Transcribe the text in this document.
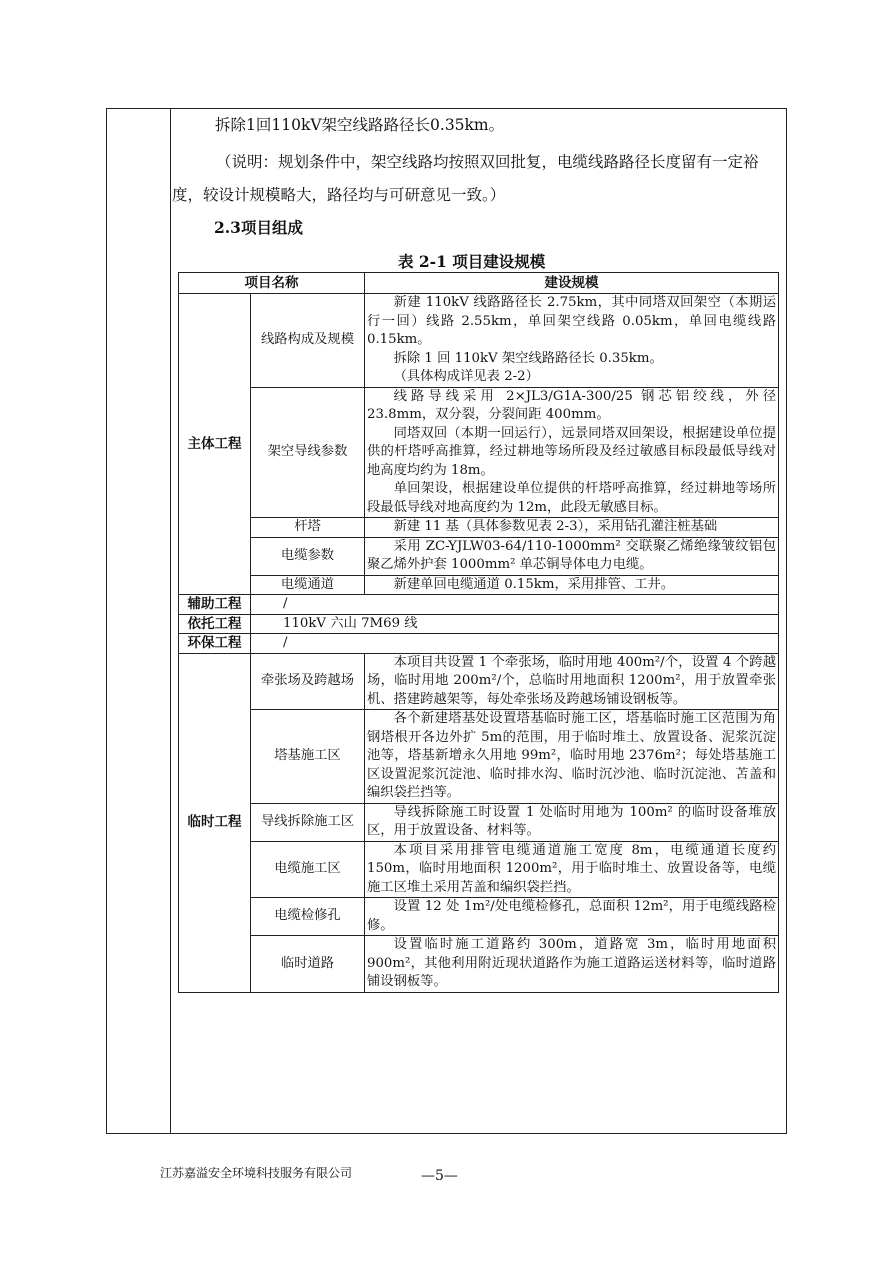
拆除1回110kV架空线路路径长0.35km。
（说明：规划条件中，架空线路均按照双回批复，电缆线路路径长度留有一定裕度，较设计规模略大，路径均与可研意见一致。）
2.3项目组成
表 2-1 项目建设规模
项目名称		建设规模
主体工程	线路构成及规模	新建 110kV 线路路径长 2.75km，其中同塔双回架空（本期运行一回）线路 2.55km，单回架空线路 0.05km，单回电缆线路 0.15km。
拆除 1 回 110kV 架空线路路径长 0.35km。
（具体构成详见表 2-2）

	架空导线参数	线路导线采用 2×JL3/G1A-300/25 钢芯铝绞线，外径 23.8mm，双分裂，分裂间距 400mm。
同塔双回（本期一回运行），远景同塔双回架设，根据建设单位提供的杆塔呼高推算，经过耕地等场所段及经过敏感目标段最低导线对地高度均约为 18m。
单回架设，根据建设单位提供的杆塔呼高推算，经过耕地等场所段最低导线对地高度约为 12m，此段无敏感目标。

	杆塔	新建 11 基（具体参数见表 2-3），采用钻孔灌注桩基础

	电缆参数	采用 ZC-YJLW03-64/110-1000mm² 交联聚乙烯绝缘皱纹铝包聚乙烯外护套 1000mm² 单芯铜导体电力电缆。

	电缆通道	新建单回电缆通道 0.15km，采用排管、工井。

辅助工程	/	
依托工程	110kV 六山 7M69 线	
环保工程	/	
临时工程	牵张场及跨越场	本项目共设置 1 个牵张场，临时用地 400m²/个，设置 4 个跨越场，临时用地 200m²/个，总临时用地面积 1200m²，用于放置牵张机、搭建跨越架等，每处牵张场及跨越场铺设钢板等。

	塔基施工区	各个新建塔基处设置塔基临时施工区，塔基临时施工区范围为角钢塔根开各边外扩 5m的范围，用于临时堆土、放置设备、泥浆沉淀池等，塔基新增永久用地 99m²，临时用地 2376m²；每处塔基施工区设置泥浆沉淀池、临时排水沟、临时沉沙池、临时沉淀池、苫盖和编织袋拦挡等。

	导线拆除施工区	导线拆除施工时设置 1 处临时用地为 100m² 的临时设备堆放区，用于放置设备、材料等。

	电缆施工区	本项目采用排管电缆通道施工宽度 8m，电缆通道长度约 150m，临时用地面积 1200m²，用于临时堆土、放置设备等，电缆施工区堆土采用苫盖和编织袋拦挡。

	电缆检修孔	设置 12 处 1m²/处电缆检修孔，总面积 12m²，用于电缆线路检修。

	临时道路	设置临时施工道路约 300m，道路宽 3m，临时用地面积 900m²，其他利用附近现状道路作为施工道路运送材料等，临时道路铺设钢板等。
江苏嘉溢安全环境科技服务有限公司	—5—
